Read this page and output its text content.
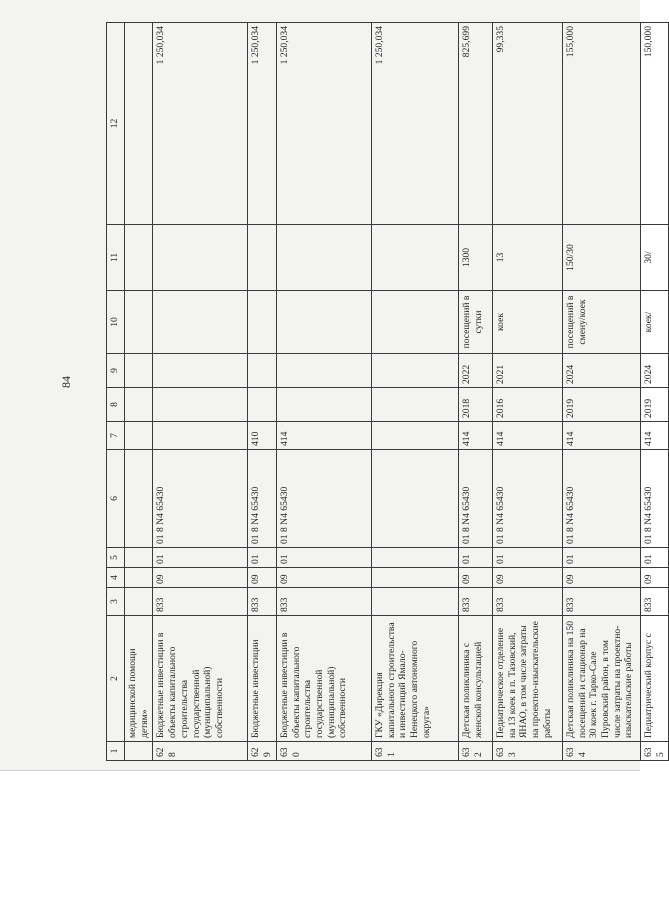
84
1	2	3	4	5	6	7	8	9	10	11	12
	медицинской помощи детям»										
628	Бюджетные инвестиции в объекты капитального строительства государственной (муниципальной) собственности	833	09	01	01 8 N4 65430						1 250,034
629	Бюджетные инвестиции	833	09	01	01 8 N4 65430	410					1 250,034
630	Бюджетные инвестиции в объекты капитального строительства государственной (муниципальной) собственности	833	09	01	01 8 N4 65430	414					1 250,034
631	ГКУ «Дирекция капитального строительства и инвестиций Ямало-Ненецкого автономного округа»										1 250,034
632	Детская поликлиника с женской консультацией	833	09	01	01 8 N4 65430	414	2018	2022	посещений в сутки	1300	825,699
633	Педиатрическое отделение на 13 коек в п. Тазовский, ЯНАО, в том числе затраты на проектно-изыскательские работы	833	09	01	01 8 N4 65430	414	2016	2021	коек	13	99,335
634	Детская поликлиника на 150 посещений и стационар на 30 коек г. Тарко-Сале Пуровский район, в том числе затраты на проектно-изыскательские работы	833	09	01	01 8 N4 65430	414	2019	2024	посещений в смену/коек	150/30	155,000
635	Педиатрический корпус с	833	09	01	01 8 N4 65430	414	2019	2024	коек/	30/	150,000
